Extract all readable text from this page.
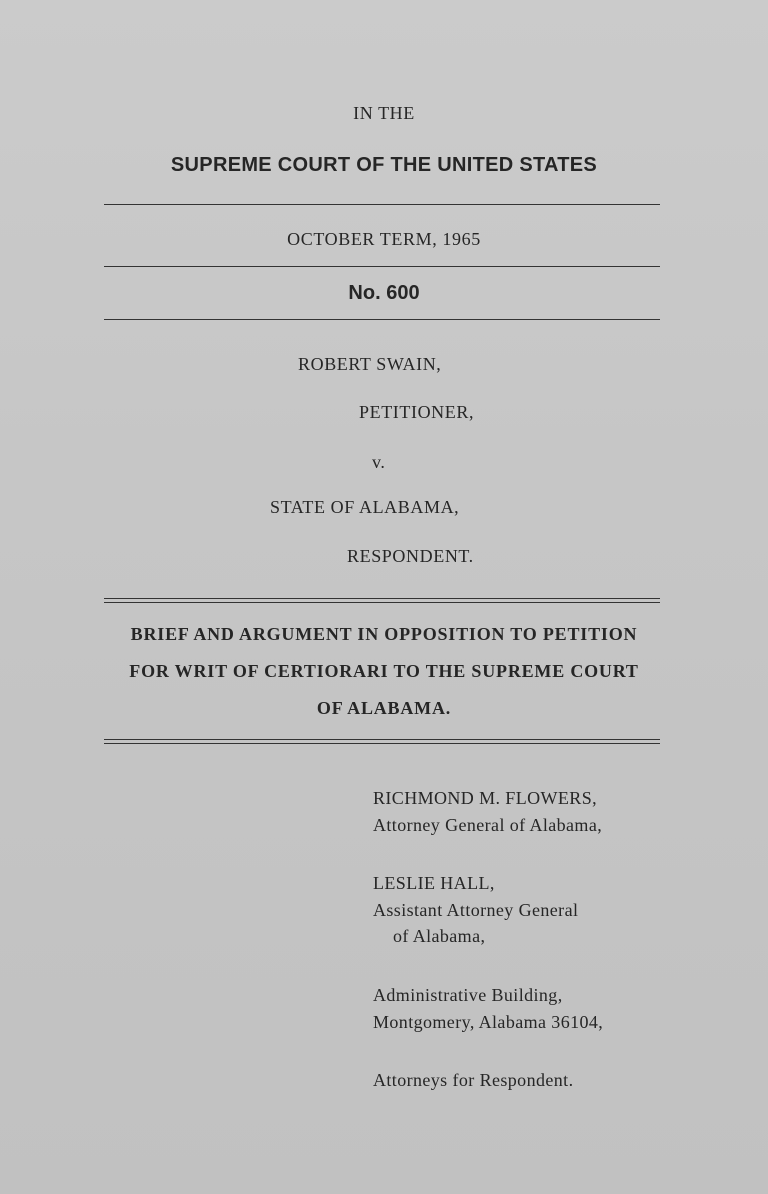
IN THE

SUPREME COURT OF THE UNITED STATES

OCTOBER TERM, 1965

No. 600

ROBERT SWAIN,

PETITIONER,

v.

STATE OF ALABAMA,

RESPONDENT.

BRIEF AND ARGUMENT IN OPPOSITION TO PETITION

FOR WRIT OF CERTIORARI TO THE SUPREME COURT

OF ALABAMA.

RICHMOND M. FLOWERS,

Attorney General of Alabama,

LESLIE HALL,

Assistant Attorney General

of Alabama,

Administrative Building,

Montgomery, Alabama 36104,

Attorneys for Respondent.
